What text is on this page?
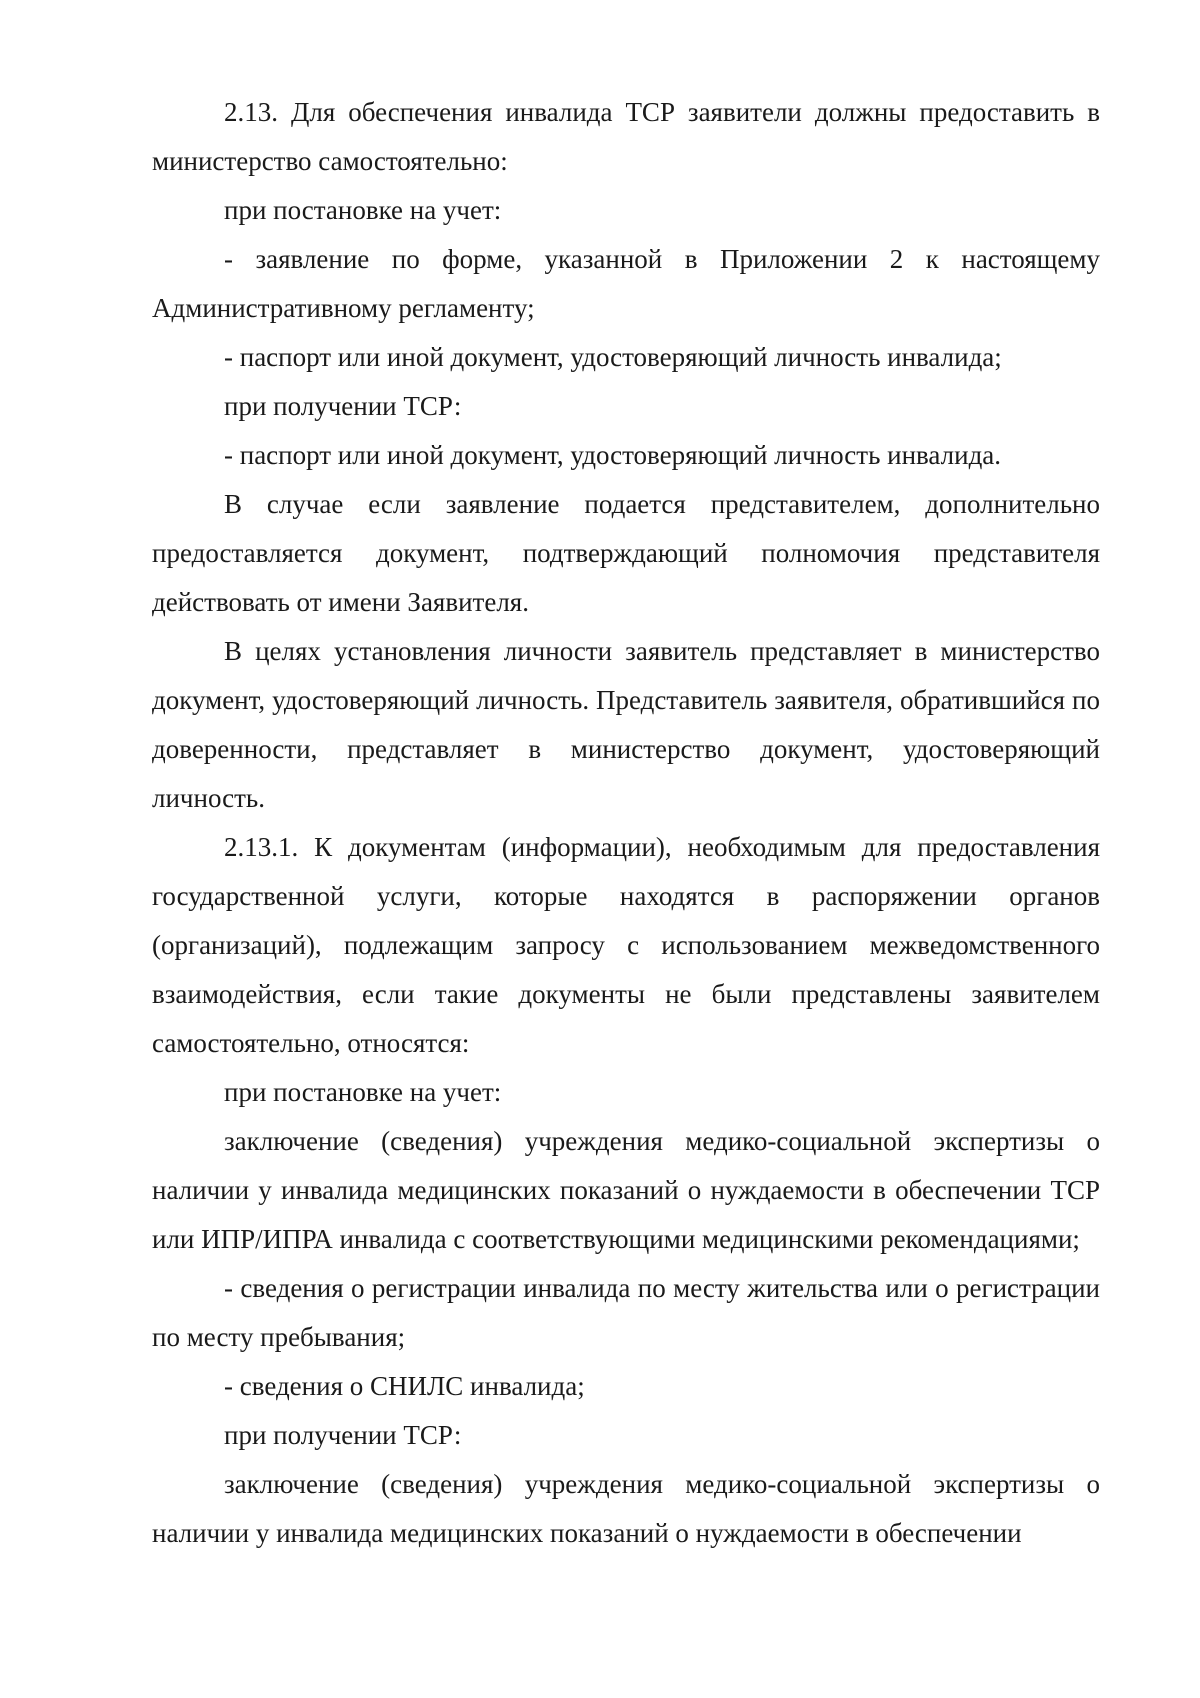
2.13. Для обеспечения инвалида ТСР заявители должны предоставить в министерство самостоятельно:

при постановке на учет:

- заявление по форме, указанной в Приложении 2 к настоящему Административному регламенту;

- паспорт или иной документ, удостоверяющий личность инвалида;

при получении ТСР:

- паспорт или иной документ, удостоверяющий личность инвалида.

В случае если заявление подается представителем, дополнительно предоставляется документ, подтверждающий полномочия представителя действовать от имени Заявителя.

В целях установления личности заявитель представляет в министерство документ, удостоверяющий личность. Представитель заявителя, обратившийся по доверенности, представляет в министерство документ, удостоверяющий личность.

2.13.1. К документам (информации), необходимым для предоставления государственной услуги, которые находятся в распоряжении органов (организаций), подлежащим запросу с использованием межведомственного взаимодействия, если такие документы не были представлены заявителем самостоятельно, относятся:

при постановке на учет:

заключение (сведения) учреждения медико-социальной экспертизы о наличии у инвалида медицинских показаний о нуждаемости в обеспечении ТСР или ИПР/ИПРА инвалида с соответствующими медицинскими рекомендациями;

- сведения о регистрации инвалида по месту жительства или о регистрации по месту пребывания;

- сведения о СНИЛС инвалида;

при получении ТСР:

заключение (сведения) учреждения медико-социальной экспертизы о наличии у инвалида медицинских показаний о нуждаемости в обеспечении
